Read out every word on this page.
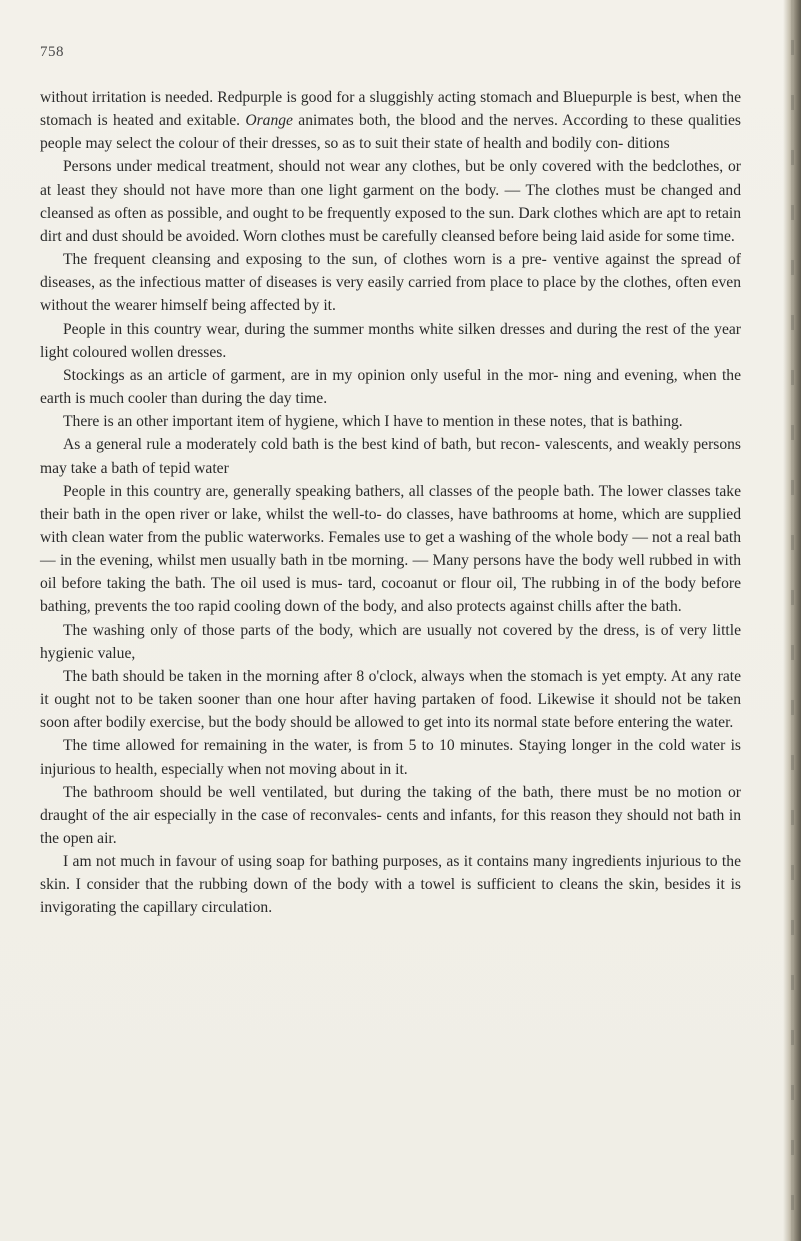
758

without irritation is needed. Redpurple is good for a sluggishly acting stomach and Bluepurple is best, when the stomach is heated and exitable. Orange animates both, the blood and the nerves. According to these qualities people may select the colour of their dresses, so as to suit their state of health and bodily con- ditions

Persons under medical treatment, should not wear any clothes, but be only covered with the bedclothes, or at least they should not have more than one light garment on the body. — The clothes must be changed and cleansed as often as possible, and ought to be frequently exposed to the sun. Dark clothes which are apt to retain dirt and dust should be avoided. Worn clothes must be carefully cleansed before being laid aside for some time.

The frequent cleansing and exposing to the sun, of clothes worn is a pre- ventive against the spread of diseases, as the infectious matter of diseases is very easily carried from place to place by the clothes, often even without the wearer himself being affected by it.

People in this country wear, during the summer months white silken dresses and during the rest of the year light coloured wollen dresses.

Stockings as an article of garment, are in my opinion only useful in the mor- ning and evening, when the earth is much cooler than during the day time.

There is an other important item of hygiene, which I have to mention in these notes, that is bathing.

As a general rule a moderately cold bath is the best kind of bath, but recon- valescents, and weakly persons may take a bath of tepid water

People in this country are, generally speaking bathers, all classes of the people bath. The lower classes take their bath in the open river or lake, whilst the well-to- do classes, have bathrooms at home, which are supplied with clean water from the public waterworks. Females use to get a washing of the whole body — not a real bath — in the evening, whilst men usually bath in tbe morning. — Many persons have the body well rubbed in with oil before taking the bath. The oil used is mus- tard, cocoanut or flour oil, The rubbing in of the body before bathing, prevents the too rapid cooling down of the body, and also protects against chills after the bath.

The washing only of those parts of the body, which are usually not covered by the dress, is of very little hygienic value,

The bath should be taken in the morning after 8 o'clock, always when the stomach is yet empty. At any rate it ought not to be taken sooner than one hour after having partaken of food. Likewise it should not be taken soon after bodily exercise, but the body should be allowed to get into its normal state before entering the water.

The time allowed for remaining in the water, is from 5 to 10 minutes. Staying longer in the cold water is injurious to health, especially when not moving about in it.

The bathroom should be well ventilated, but during the taking of the bath, there must be no motion or draught of the air especially in the case of reconvales- cents and infants, for this reason they should not bath in the open air.

I am not much in favour of using soap for bathing purposes, as it contains many ingredients injurious to the skin. I consider that the rubbing down of the body with a towel is sufficient to cleans the skin, besides it is invigorating the capillary circulation.
